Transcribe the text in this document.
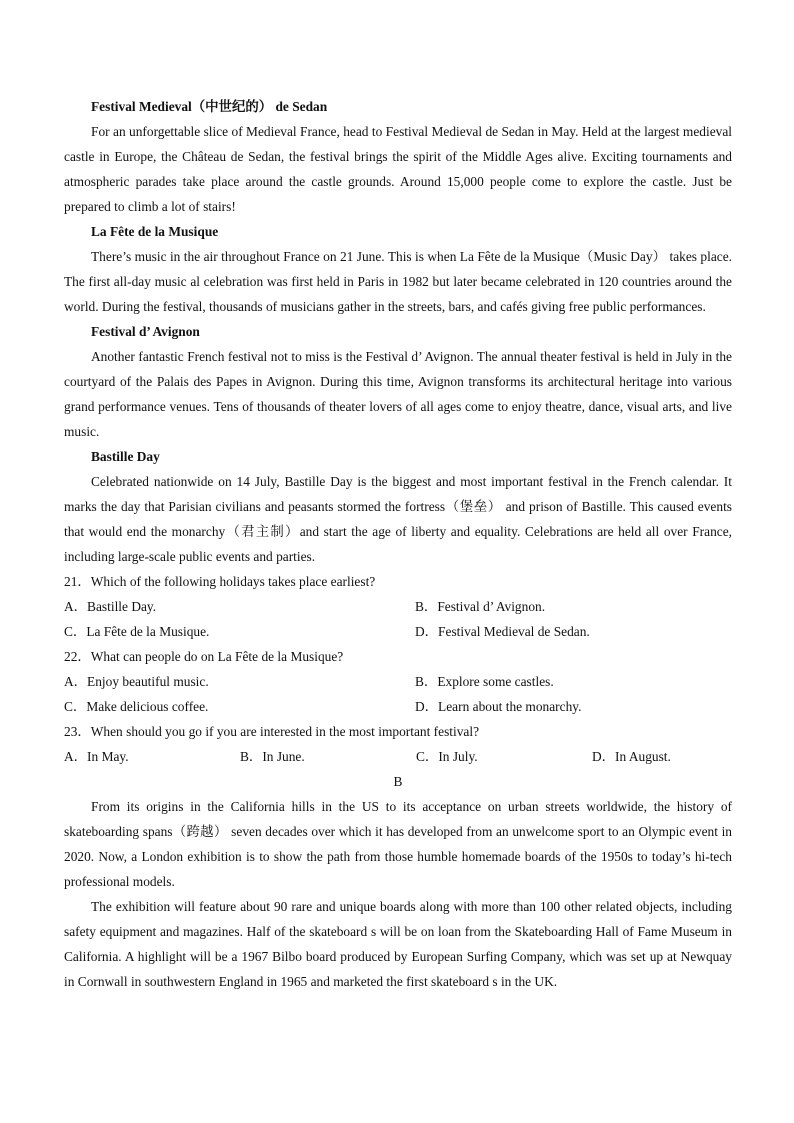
Festival Medieval（中世纪的） de Sedan

For an unforgettable slice of Medieval France, head to Festival Medieval de Sedan in May. Held at the largest medieval castle in Europe, the Château de Sedan, the festival brings the spirit of the Middle Ages alive. Exciting tournaments and atmospheric parades take place around the castle grounds. Around 15,000 people come to explore the castle. Just be prepared to climb a lot of stairs!

La Fête de la Musique

There’s music in the air throughout France on 21 June. This is when La Fête de la Musique（Music Day） takes place. The first all-day music al celebration was first held in Paris in 1982 but later became celebrated in 120 countries around the world. During the festival, thousands of musicians gather in the streets, bars, and cafés giving free public performances.

Festival d’ Avignon

Another fantastic French festival not to miss is the Festival d’ Avignon. The annual theater festival is held in July in the courtyard of the Palais des Papes in Avignon. During this time, Avignon transforms its architectural heritage into various grand performance venues. Tens of thousands of theater lovers of all ages come to enjoy theatre, dance, visual arts, and live music.

Bastille Day

Celebrated nationwide on 14 July, Bastille Day is the biggest and most important festival in the French calendar. It marks the day that Parisian civilians and peasants stormed the fortress（堡垒） and prison of Bastille. This caused events that would end the monarchy（君主制）and start the age of liberty and equality. Celebrations are held all over France, including large-scale public events and parties.

21．Which of the following holidays takes place earliest?
A．Bastille Day.	B．Festival d’ Avignon.
C．La Fête de la Musique.	D．Festival Medieval de Sedan.
22．What can people do on La Fête de la Musique?
A．Enjoy beautiful music.	B．Explore some castles.
C．Make delicious coffee.	D．Learn about the monarchy.
23．When should you go if you are interested in the most important festival?
A．In May.	B．In June.	C．In July.	D．In August.
B

From its origins in the California hills in the US to its acceptance on urban streets worldwide, the history of skateboarding spans（跨越） seven decades over which it has developed from an unwelcome sport to an Olympic event in 2020. Now, a London exhibition is to show the path from those humble homemade boards of the 1950s to today’s hi-tech professional models.

The exhibition will feature about 90 rare and unique boards along with more than 100 other related objects, including safety equipment and magazines. Half of the skateboard s will be on loan from the Skateboarding Hall of Fame Museum in California. A highlight will be a 1967 Bilbo board produced by European Surfing Company, which was set up at Newquay in Cornwall in southwestern England in 1965 and marketed the first skateboard s in the UK.
